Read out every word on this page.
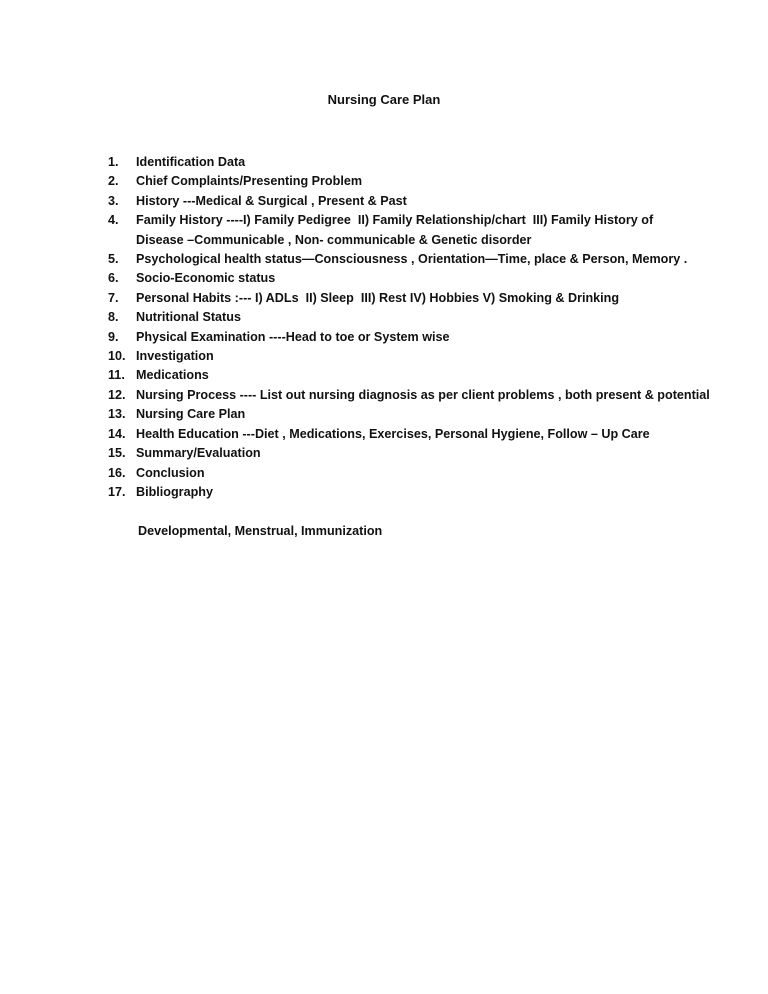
Nursing Care Plan
1.	Identification Data
2.	Chief Complaints/Presenting Problem
3.	History ---Medical & Surgical , Present & Past
4.	Family History ----I) Family Pedigree  II) Family Relationship/chart  III) Family History of
Disease –Communicable , Non- communicable & Genetic disorder
5.	Psychological health status—Consciousness , Orientation—Time, place & Person, Memory .
6.	Socio-Economic status
7.	Personal Habits :--- I) ADLs  II) Sleep  III) Rest IV) Hobbies V) Smoking & Drinking
8.	Nutritional Status
9.	Physical Examination ----Head to toe or System wise
10. Investigation
11. Medications
12. Nursing Process ---- List out nursing diagnosis as per client problems , both present & potential
13. Nursing Care Plan
14. Health Education ---Diet , Medications, Exercises, Personal Hygiene, Follow – Up Care
15. Summary/Evaluation
16. Conclusion
17. Bibliography
Developmental, Menstrual, Immunization
